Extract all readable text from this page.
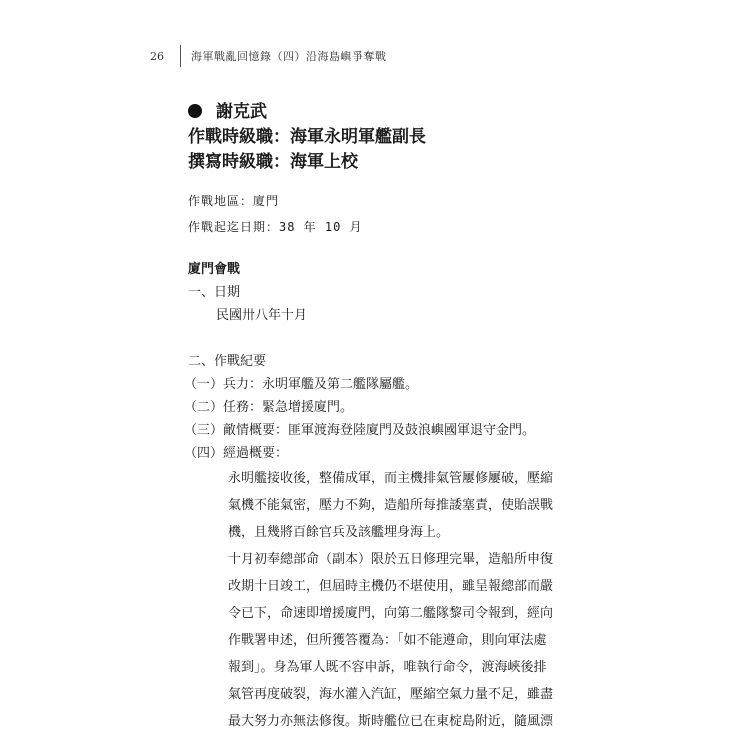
26	海軍戰亂回憶錄（四）沿海島嶼爭奪戰
謝克武
作戰時級職：海軍永明軍艦副長
撰寫時級職：海軍上校
作戰地區：廈門
作戰起迄日期：38 年 10 月
廈門會戰
一、日期
民國卅八年十月
二、作戰紀要
（一）兵力：永明軍艦及第二艦隊屬艦。
（二）任務：緊急增援廈門。
（三）敵情概要：匪軍渡海登陸廈門及鼓浪嶼國軍退守金門。
（四）經過概要：
永明艦接收後，整備成軍，而主機排氣管屢修屢破，壓縮
氣機不能氣密，壓力不夠，造船所每推諉塞責，使貽誤戰
機，且幾將百餘官兵及該艦埋身海上。
十月初奉總部命（副本）限於五日修理完畢，造船所申復
改期十日竣工，但屆時主機仍不堪使用，雖呈報總部而嚴
令已下，命速即增援廈門，向第二艦隊黎司令報到，經向
作戰署申述，但所獲答覆為：「如不能遵命，則向軍法處
報到」。身為軍人既不容申訴，唯執行命令，渡海峽後排
氣管再度破裂，海水灌入汽缸，壓縮空氣力量不足，雖盡
最大努力亦無法修復。斯時艦位已在東椗島附近，隨風漂
